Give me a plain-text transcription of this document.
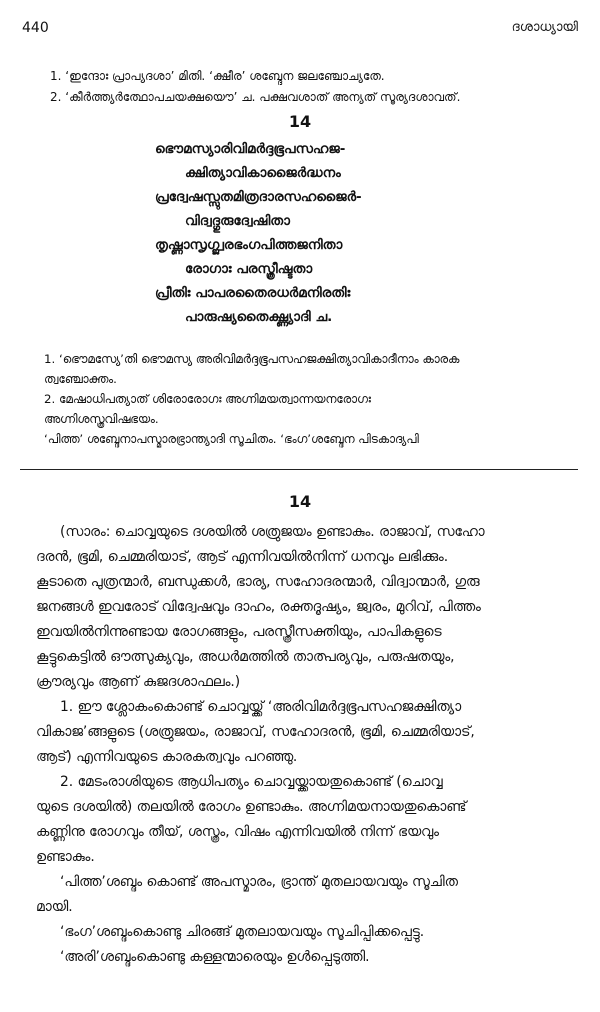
440	ദശാധ്യായി
1. ‘ഇന്ദോഃ പ്രാപ്യദശാ’ മിതി. ‘ക്ഷീര’ ശബ്ദേന ജലഞ്ചോച്യതേ.
2. ‘കീർത്ത്യർത്ഥോപചയക്ഷയൌ’ ച. പക്ഷവശാത് അന്യത് സൂര്യദശാവത്.
14
ഭൌമസ്യാരിവിമർദ്ദഭൂപസഹജ-
ക്ഷിത്യാവികാജൈർദ്ധനം
പ്രദ്വേഷസ്സുതമിത്രദാരസഹജൈർ-
വിദ്വദ്ഗുരുദ്വേഷിതാ
തൃഷ്ണാസൃഗ്ജ്വരഭംഗപിത്തജനിതാ
രോഗാഃ പരസ്ത്രീഷ്ടതാ
പ്രീതിഃ പാപരതൈരധർമനിരതിഃ
പാരുഷ്യതൈക്ഷ്ണ്യാദി ച.
1. ‘ഭൌമസ്യേ’തി ഭൌമസ്യ അരിവിമർദ്ദഭൂപസഹജക്ഷിത്യാവികാദീനാം കാരക
ത്വഞ്ചോക്തം.
2. മേഷാധിപത്യാത് ശിരോരോഗഃ അഗ്നിമയത്വാന്നയനരോഗഃ
അഗ്നിശസ്ത്രവിഷഭയം.
‘പിത്ത’ ശബ്ദേനാപസ്മാരഭ്രാന്ത്യാദി സൂചിതം. ‘ഭംഗ’ശബ്ദേന പിടകാദ്യപി
14
(സാരം: ചൊവ്വയുടെ ദശയിൽ ശത്രുജയം ഉണ്ടാകും. രാജാവ്, സഹോ
ദരൻ, ഭൂമി, ചെമ്മരിയാട്, ആട് എന്നിവയിൽനിന്ന് ധനവും ലഭിക്കും.
കൂടാതെ പുത്രന്മാർ, ബന്ധുക്കൾ, ഭാര്യ, സഹോദരന്മാർ, വിദ്വാന്മാർ, ഗുരു
ജനങ്ങൾ ഇവരോട് വിദ്വേഷവും ദാഹം, രക്തദൂഷ്യം, ജ്വരം, മുറിവ്, പിത്തം
ഇവയിൽനിന്നുണ്ടായ രോഗങ്ങളും, പരസ്ത്രീസക്തിയും, പാപികളുടെ
കൂട്ടുകെട്ടിൽ ഔത്സുക്യവും, അധർമത്തിൽ താത്പര്യവും, പരുഷതയും,
ക്രൗര്യവും ആണ് കുജദശാഫലം.)
1. ഈ ശ്ലോകംകൊണ്ട് ചൊവ്വയ്ക്ക് ‘അരിവിമർദ്ദഭൂപസഹജക്ഷിത്യാ
വികാജ’ങ്ങളുടെ (ശത്രുജയം, രാജാവ്, സഹോദരൻ, ഭൂമി, ചെമ്മരിയാട്,
ആട്) എന്നിവയുടെ കാരകത്വവും പറഞ്ഞു.
2. മേടംരാശിയുടെ ആധിപത്യം ചൊവ്വയ്ക്കായതുകൊണ്ട് (ചൊവ്വ
യുടെ ദശയിൽ) തലയിൽ രോഗം ഉണ്ടാകും. അഗ്നിമയനായതുകൊണ്ട്
കണ്ണിനു രോഗവും തീയ്, ശസ്ത്രം, വിഷം എന്നിവയിൽ നിന്ന് ഭയവും
ഉണ്ടാകും.
‘പിത്ത’ശബ്ദം കൊണ്ട് അപസ്മാരം, ഭ്രാന്ത് മുതലായവയും സൂചിത
മായി.
‘ഭംഗ’ശബ്ദംകൊണ്ടു ചിരങ്ങ് മുതലായവയും സൂചിപ്പിക്കപ്പെട്ടു.
‘അരി’ശബ്ദംകൊണ്ടു കള്ളന്മാരെയും ഉൾപ്പെടുത്തി.
